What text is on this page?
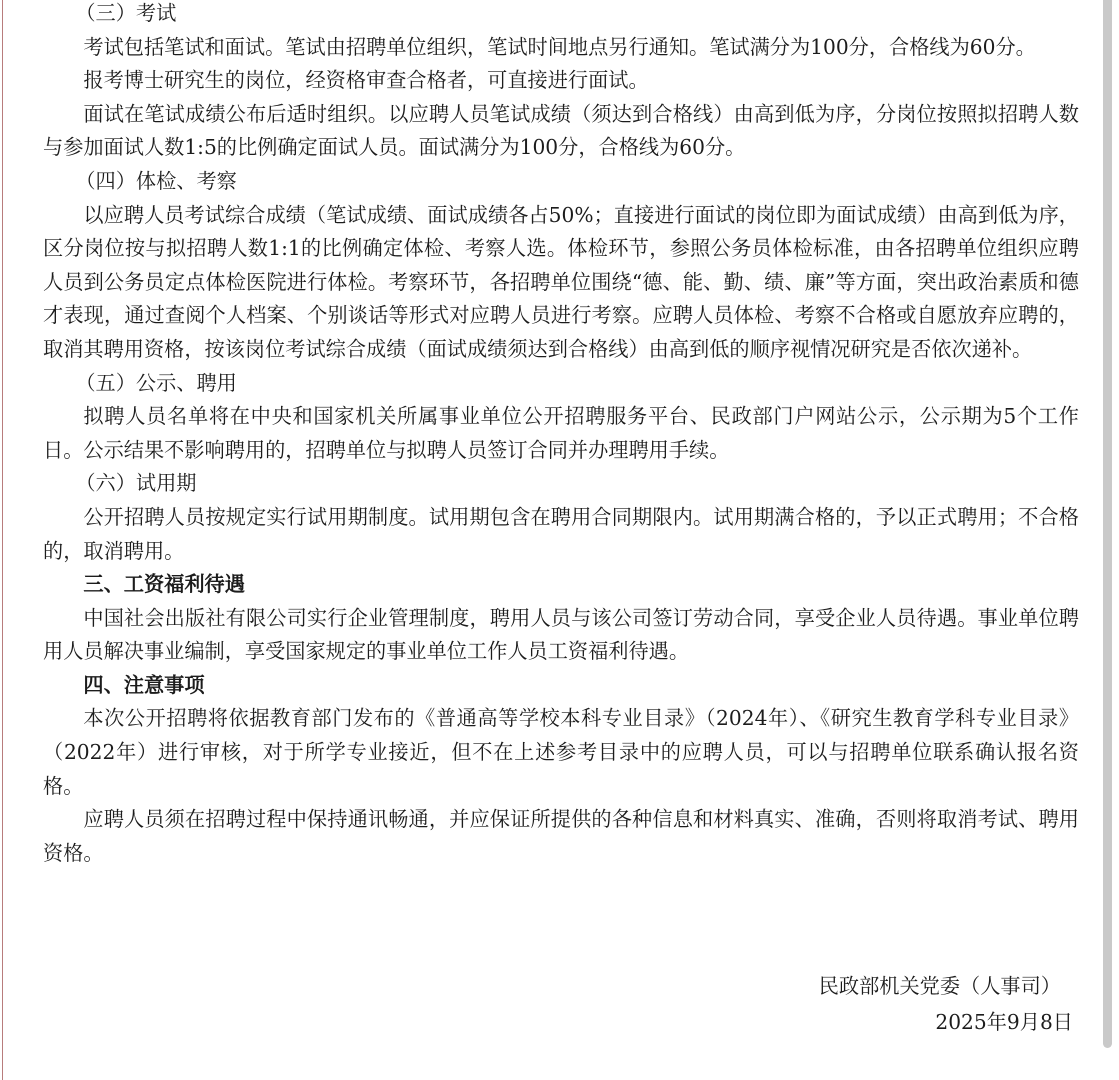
（三）考试

考试包括笔试和面试。笔试由招聘单位组织，笔试时间地点另行通知。笔试满分为100分，合格线为60分。

报考博士研究生的岗位，经资格审查合格者，可直接进行面试。

面试在笔试成绩公布后适时组织。以应聘人员笔试成绩（须达到合格线）由高到低为序，分岗位按照拟招聘人数与参加面试人数1:5的比例确定面试人员。面试满分为100分，合格线为60分。

（四）体检、考察

以应聘人员考试综合成绩（笔试成绩、面试成绩各占50%；直接进行面试的岗位即为面试成绩）由高到低为序，区分岗位按与拟招聘人数1:1的比例确定体检、考察人选。体检环节，参照公务员体检标准，由各招聘单位组织应聘人员到公务员定点体检医院进行体检。考察环节，各招聘单位围绕“德、能、勤、绩、廉”等方面，突出政治素质和德才表现，通过查阅个人档案、个别谈话等形式对应聘人员进行考察。应聘人员体检、考察不合格或自愿放弃应聘的，取消其聘用资格，按该岗位考试综合成绩（面试成绩须达到合格线）由高到低的顺序视情况研究是否依次递补。

（五）公示、聘用

拟聘人员名单将在中央和国家机关所属事业单位公开招聘服务平台、民政部门户网站公示，公示期为5个工作日。公示结果不影响聘用的，招聘单位与拟聘人员签订合同并办理聘用手续。

（六）试用期

公开招聘人员按规定实行试用期制度。试用期包含在聘用合同期限内。试用期满合格的，予以正式聘用；不合格的，取消聘用。

三、工资福利待遇

中国社会出版社有限公司实行企业管理制度，聘用人员与该公司签订劳动合同，享受企业人员待遇。事业单位聘用人员解决事业编制，享受国家规定的事业单位工作人员工资福利待遇。

四、注意事项

本次公开招聘将依据教育部门发布的《普通高等学校本科专业目录》（2024年）、《研究生教育学科专业目录》（2022年）进行审核，对于所学专业接近，但不在上述参考目录中的应聘人员，可以与招聘单位联系确认报名资格。

应聘人员须在招聘过程中保持通讯畅通，并应保证所提供的各种信息和材料真实、准确，否则将取消考试、聘用资格。

民政部机关党委（人事司）
2025年9月8日
